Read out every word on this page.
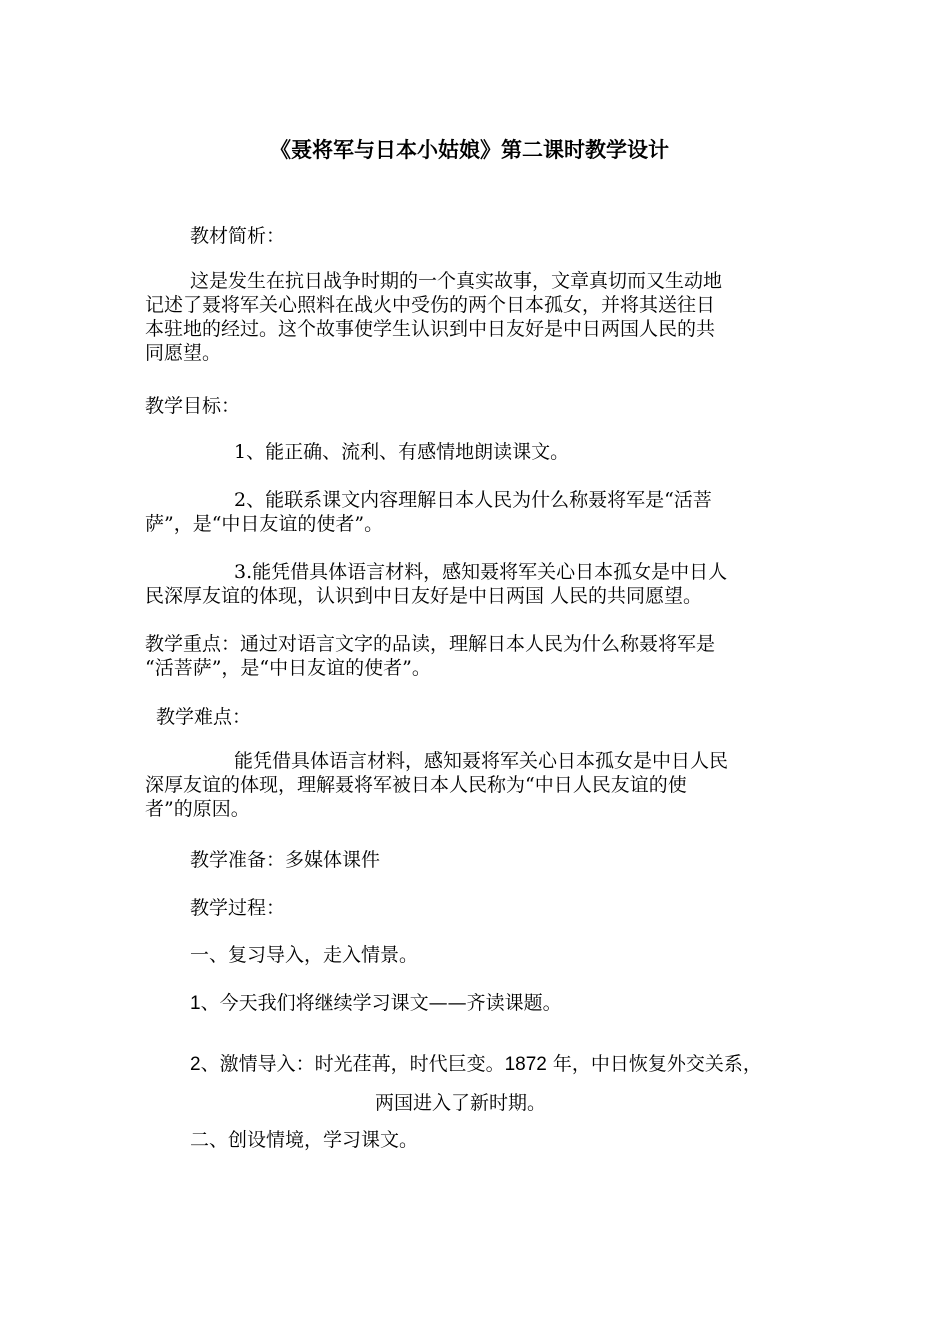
《聂将军与日本小姑娘》第二课时教学设计
教材简析：
这是发生在抗日战争时期的一个真实故事，文章真切而又生动地
记述了聂将军关心照料在战火中受伤的两个日本孤女，并将其送往日
本驻地的经过。这个故事使学生认识到中日友好是中日两国人民的共
同愿望。
教学目标：
1、能正确、流利、有感情地朗读课文。
2、能联系课文内容理解日本人民为什么称聂将军是“活菩
萨”，是“中日友谊的使者”。
3.能凭借具体语言材料，感知聂将军关心日本孤女是中日人
民深厚友谊的体现，认识到中日友好是中日两国 人民的共同愿望。
教学重点：通过对语言文字的品读，理解日本人民为什么称聂将军是
“活菩萨”，是“中日友谊的使者”。
教学难点：
能凭借具体语言材料，感知聂将军关心日本孤女是中日人民
深厚友谊的体现，理解聂将军被日本人民称为“中日人民友谊的使
者”的原因。
教学准备：多媒体课件
教学过程：
一、复习导入，走入情景。
1、今天我们将继续学习课文——齐读课题。
2、激情导入：时光荏苒，时代巨变。1872 年，中日恢复外交关系，
两国进入了新时期。
二、创设情境，学习课文。
